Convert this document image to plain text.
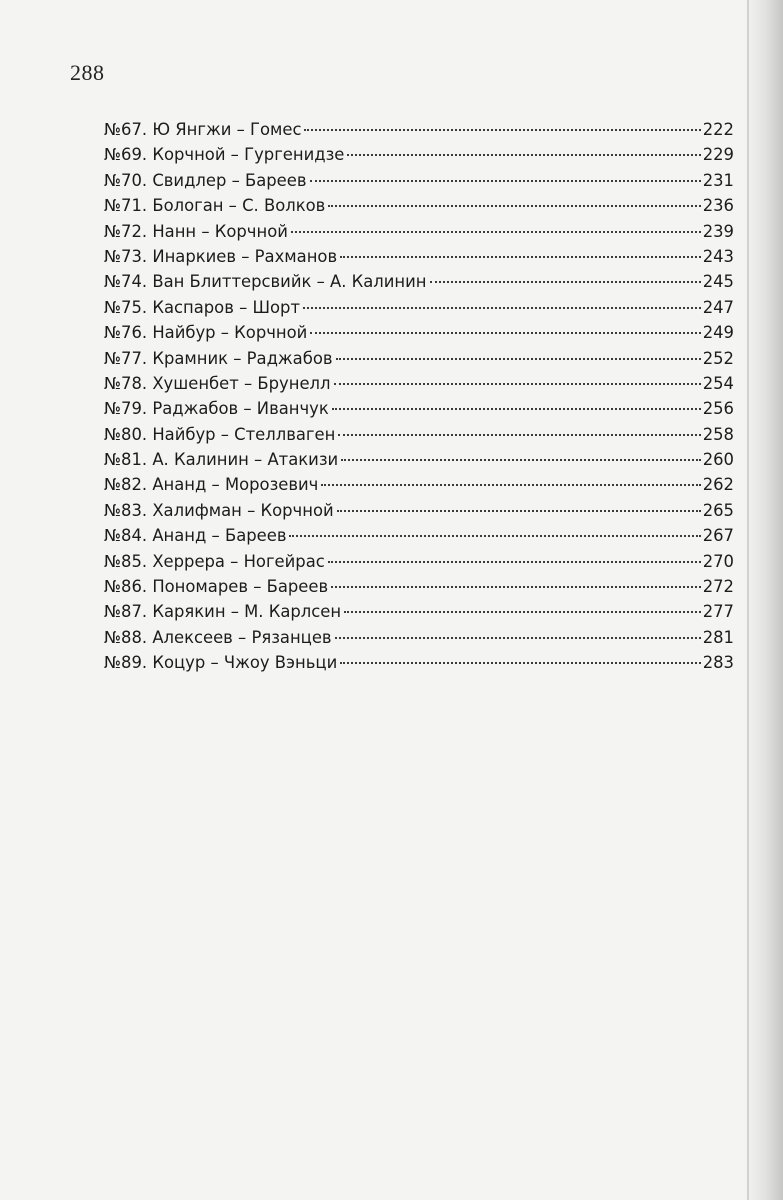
288
№67. Ю Янгжи – Гомес	222
№69. Корчной – Гургенидзе	229
№70. Свидлер – Бареев	231
№71. Бологан – С. Волков	236
№72. Нанн – Корчной	239
№73. Инаркиев – Рахманов	243
№74. Ван Блиттерсвийк – А. Калинин	245
№75. Каспаров – Шорт	247
№76. Найбур – Корчной	249
№77. Крамник – Раджабов	252
№78. Хушенбет – Брунелл	254
№79. Раджабов – Иванчук	256
№80. Найбур – Стеллваген	258
№81. А. Калинин – Атакизи	260
№82. Ананд – Морозевич	262
№83. Халифман – Корчной	265
№84. Ананд – Бареев	267
№85. Херрера – Ногейрас	270
№86. Пономарев – Бареев	272
№87. Карякин – М. Карлсен	277
№88. Алексеев – Рязанцев	281
№89. Коцур – Чжоу Вэньци	283
